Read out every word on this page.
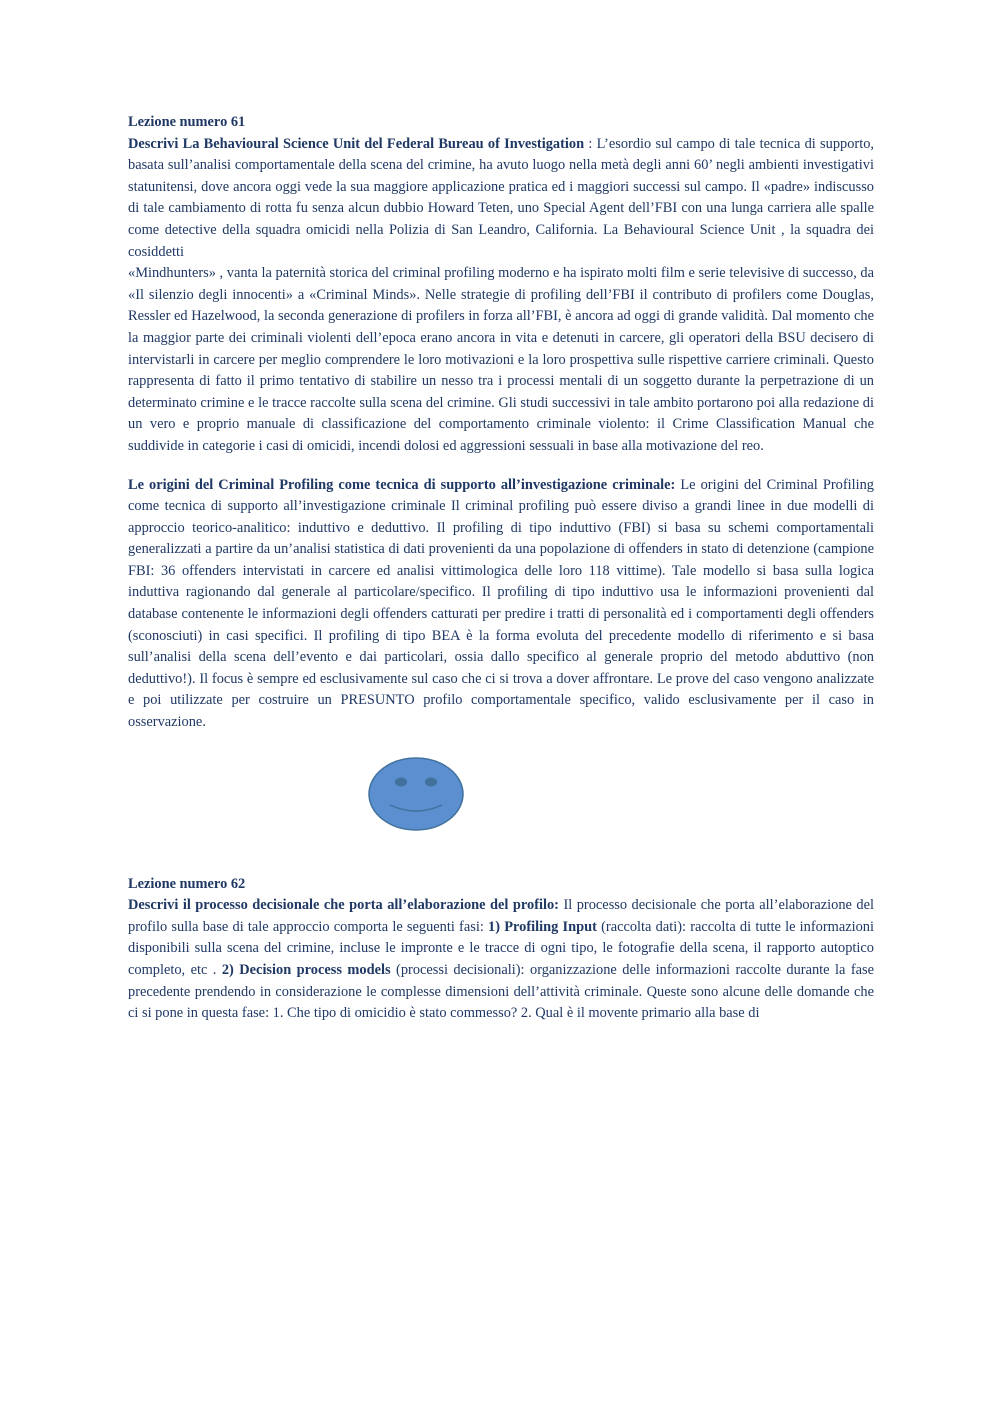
Lezione numero 61

Descrivi La Behavioural Science Unit del Federal Bureau of Investigation : L’esordio sul campo di tale tecnica di supporto, basata sull’analisi comportamentale della scena del crimine, ha avuto luogo nella metà degli anni 60’ negli ambienti investigativi statunitensi, dove ancora oggi vede la sua maggiore applicazione pratica ed i maggiori successi sul campo. Il «padre» indiscusso di tale cambiamento di rotta fu senza alcun dubbio Howard Teten, uno Special Agent dell’FBI con una lunga carriera alle spalle come detective della squadra omicidi nella Polizia di San Leandro, California. La Behavioural Science Unit , la squadra dei cosiddetti

«Mindhunters» , vanta la paternità storica del criminal profiling moderno e ha ispirato molti film e serie televisive di successo, da «Il silenzio degli innocenti» a «Criminal Minds». Nelle strategie di profiling dell’FBI il contributo di profilers come Douglas, Ressler ed Hazelwood, la seconda generazione di profilers in forza all’FBI, è ancora ad oggi di grande validità. Dal momento che la maggior parte dei criminali violenti dell’epoca erano ancora in vita e detenuti in carcere, gli operatori della BSU decisero di intervistarli in carcere per meglio comprendere le loro motivazioni e la loro prospettiva sulle rispettive carriere criminali. Questo rappresenta di fatto il primo tentativo di stabilire un nesso tra i processi mentali di un soggetto durante la perpetrazione di un determinato crimine e le tracce raccolte sulla scena del crimine. Gli studi successivi in tale ambito portarono poi alla redazione di un vero e proprio manuale di classificazione del comportamento criminale violento: il Crime Classification Manual che suddivide in categorie i casi di omicidi, incendi dolosi ed aggressioni sessuali in base alla motivazione del reo.

Le origini del Criminal Profiling come tecnica di supporto all’investigazione criminale: Le origini del Criminal Profiling come tecnica di supporto all’investigazione criminale Il criminal profiling può essere diviso a grandi linee in due modelli di approccio teorico-analitico: induttivo e deduttivo. Il profiling di tipo induttivo (FBI) si basa su schemi comportamentali generalizzati a partire da un’analisi statistica di dati provenienti da una popolazione di offenders in stato di detenzione (campione FBI: 36 offenders intervistati in carcere ed analisi vittimologica delle loro 118 vittime). Tale modello si basa sulla logica induttiva ragionando dal generale al particolare/specifico. Il profiling di tipo induttivo usa le informazioni provenienti dal database contenente le informazioni degli offenders catturati per predire i tratti di personalità ed i comportamenti degli offenders (sconosciuti) in casi specifici. Il profiling di tipo BEA è la forma evoluta del precedente modello di riferimento e si basa sull’analisi della scena dell’evento e dai particolari, ossia dallo specifico al generale proprio del metodo abduttivo (non deduttivo!). Il focus è sempre ed esclusivamente sul caso che ci si trova a dover affrontare. Le prove del caso vengono analizzate e poi utilizzate per costruire un PRESUNTO profilo comportamentale specifico, valido esclusivamente per il caso in osservazione.

Lezione numero 62

Descrivi il processo decisionale che porta all’elaborazione del profilo: Il processo decisionale che porta all’elaborazione del profilo sulla base di tale approccio comporta le seguenti fasi: 1) Profiling Input (raccolta dati): raccolta di tutte le informazioni disponibili sulla scena del crimine, incluse le impronte e le tracce di ogni tipo, le fotografie della scena, il rapporto autoptico completo, etc . 2) Decision process models (processi decisionali): organizzazione delle informazioni raccolte durante la fase precedente prendendo in considerazione le complesse dimensioni dell’attività criminale. Queste sono alcune delle domande che ci si pone in questa fase: 1. Che tipo di omicidio è stato commesso? 2. Qual è il movente primario alla base di
